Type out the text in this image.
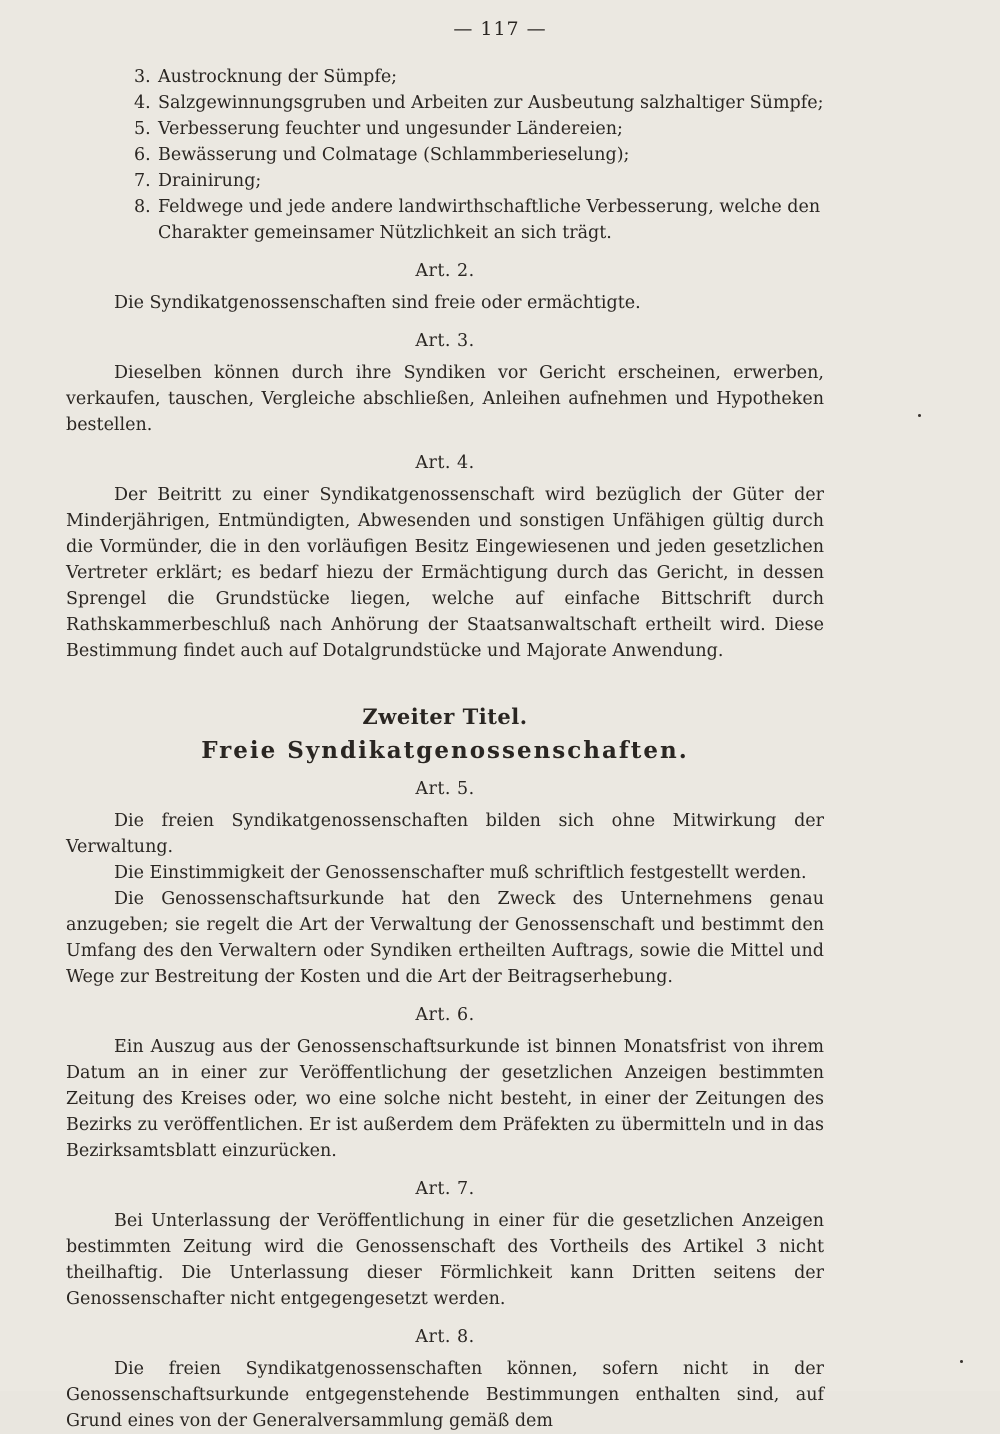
— 117 —

3. Austrocknung der Sümpfe;

4. Salzgewinnungsgruben und Arbeiten zur Ausbeutung salzhaltiger Sümpfe;

5. Verbesserung feuchter und ungesunder Ländereien;

6. Bewässerung und Colmatage (Schlammberieselung);

7. Drainirung;

8. Feldwege und jede andere landwirthschaftliche Verbesserung, welche den Charakter gemeinsamer Nützlichkeit an sich trägt.

Art. 2.

Die Syndikatgenossenschaften sind freie oder ermächtigte.

Art. 3.

Dieselben können durch ihre Syndiken vor Gericht erscheinen, erwerben, verkaufen, tauschen, Vergleiche abschließen, Anleihen aufnehmen und Hypotheken bestellen.

Art. 4.

Der Beitritt zu einer Syndikatgenossenschaft wird bezüglich der Güter der Minderjährigen, Entmündigten, Abwesenden und sonstigen Unfähigen gültig durch die Vormünder, die in den vorläufigen Besitz Eingewiesenen und jeden gesetzlichen Vertreter erklärt; es bedarf hiezu der Ermächtigung durch das Gericht, in dessen Sprengel die Grundstücke liegen, welche auf einfache Bittschrift durch Rathskammerbeschluß nach Anhörung der Staatsanwaltschaft ertheilt wird. Diese Bestimmung findet auch auf Dotalgrundstücke und Majorate Anwendung.

Zweiter Titel.
Freie Syndikatgenossenschaften.
Art. 5.

Die freien Syndikatgenossenschaften bilden sich ohne Mitwirkung der Verwaltung.

Die Einstimmigkeit der Genossenschafter muß schriftlich festgestellt werden.

Die Genossenschaftsurkunde hat den Zweck des Unternehmens genau anzugeben; sie regelt die Art der Verwaltung der Genossenschaft und bestimmt den Umfang des den Verwaltern oder Syndiken ertheilten Auftrags, sowie die Mittel und Wege zur Bestreitung der Kosten und die Art der Beitragserhebung.

Art. 6.

Ein Auszug aus der Genossenschaftsurkunde ist binnen Monatsfrist von ihrem Datum an in einer zur Veröffentlichung der gesetzlichen Anzeigen bestimmten Zeitung des Kreises oder, wo eine solche nicht besteht, in einer der Zeitungen des Bezirks zu veröffentlichen. Er ist außerdem dem Präfekten zu übermitteln und in das Bezirksamtsblatt einzurücken.

Art. 7.

Bei Unterlassung der Veröffentlichung in einer für die gesetzlichen Anzeigen bestimmten Zeitung wird die Genossenschaft des Vortheils des Artikel 3 nicht theilhaftig. Die Unterlassung dieser Förmlichkeit kann Dritten seitens der Genossenschafter nicht entgegengesetzt werden.

Art. 8.

Die freien Syndikatgenossenschaften können, sofern nicht in der Genossenschaftsurkunde entgegenstehende Bestimmungen enthalten sind, auf Grund eines von der Generalversammlung gemäß dem
